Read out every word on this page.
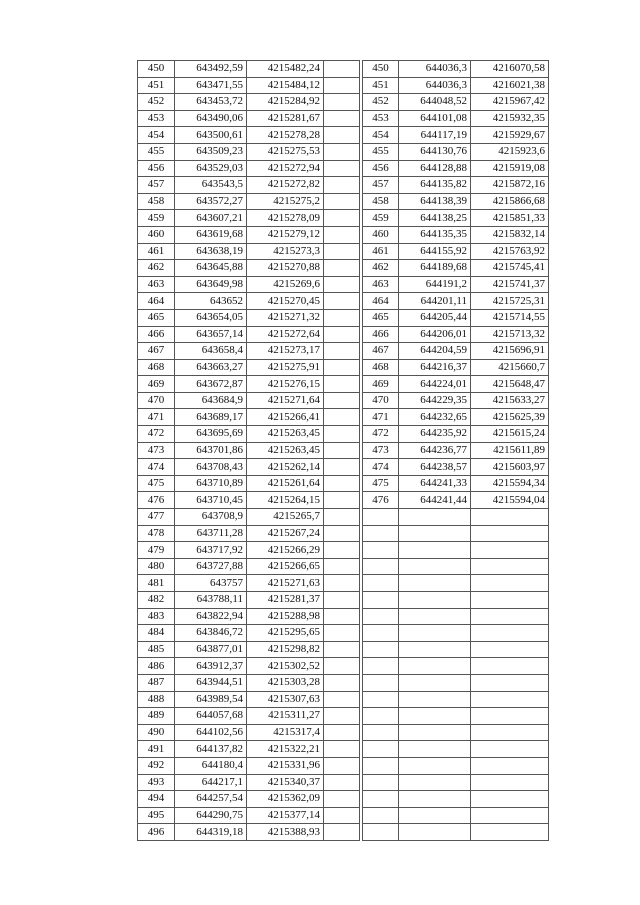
450	643492,59	4215482,24	
451	643471,55	4215484,12	
452	643453,72	4215284,92	
453	643490,06	4215281,67	
454	643500,61	4215278,28	
455	643509,23	4215275,53	
456	643529,03	4215272,94	
457	643543,5	4215272,82	
458	643572,27	4215275,2	
459	643607,21	4215278,09	
460	643619,68	4215279,12	
461	643638,19	4215273,3	
462	643645,88	4215270,88	
463	643649,98	4215269,6	
464	643652	4215270,45	
465	643654,05	4215271,32	
466	643657,14	4215272,64	
467	643658,4	4215273,17	
468	643663,27	4215275,91	
469	643672,87	4215276,15	
470	643684,9	4215271,64	
471	643689,17	4215266,41	
472	643695,69	4215263,45	
473	643701,86	4215263,45	
474	643708,43	4215262,14	
475	643710,89	4215261,64	
476	643710,45	4215264,15	
477	643708,9	4215265,7	
478	643711,28	4215267,24	
479	643717,92	4215266,29	
480	643727,88	4215266,65	
481	643757	4215271,63	
482	643788,11	4215281,37	
483	643822,94	4215288,98	
484	643846,72	4215295,65	
485	643877,01	4215298,82	
486	643912,37	4215302,52	
487	643944,51	4215303,28	
488	643989,54	4215307,63	
489	644057,68	4215311,27	
490	644102,56	4215317,4	
491	644137,82	4215322,21	
492	644180,4	4215331,96	
493	644217,1	4215340,37	
494	644257,54	4215362,09	
495	644290,75	4215377,14	
496	644319,18	4215388,93	
450	644036,3	4216070,58
451	644036,3	4216021,38
452	644048,52	4215967,42
453	644101,08	4215932,35
454	644117,19	4215929,67
455	644130,76	4215923,6
456	644128,88	4215919,08
457	644135,82	4215872,16
458	644138,39	4215866,68
459	644138,25	4215851,33
460	644135,35	4215832,14
461	644155,92	4215763,92
462	644189,68	4215745,41
463	644191,2	4215741,37
464	644201,11	4215725,31
465	644205,44	4215714,55
466	644206,01	4215713,32
467	644204,59	4215696,91
468	644216,37	4215660,7
469	644224,01	4215648,47
470	644229,35	4215633,27
471	644232,65	4215625,39
472	644235,92	4215615,24
473	644236,77	4215611,89
474	644238,57	4215603,97
475	644241,33	4215594,34
476	644241,44	4215594,04
